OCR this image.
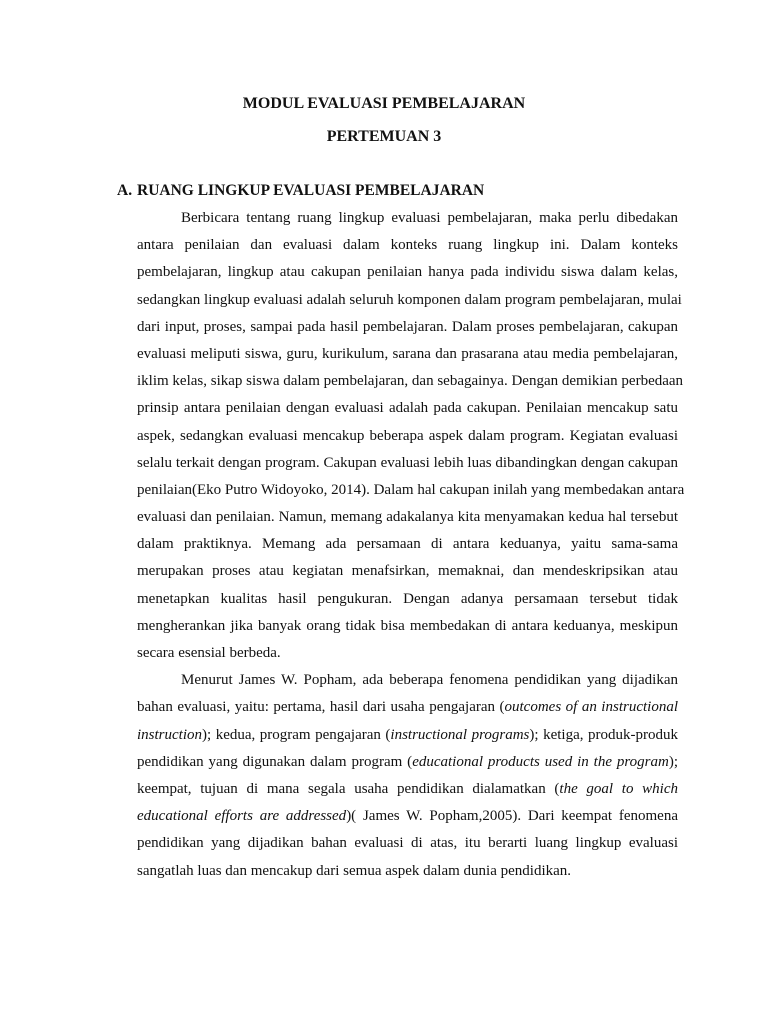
MODUL EVALUASI PEMBELAJARAN
PERTEMUAN 3
A. RUANG LINGKUP EVALUASI PEMBELAJARAN
Berbicara tentang ruang lingkup evaluasi pembelajaran, maka perlu dibedakan
antara penilaian dan evaluasi dalam konteks ruang lingkup ini. Dalam konteks
pembelajaran, lingkup atau cakupan penilaian hanya pada individu siswa dalam kelas,
sedangkan lingkup evaluasi adalah seluruh komponen dalam program pembelajaran, mulai
dari input, proses, sampai pada hasil pembelajaran. Dalam proses pembelajaran, cakupan
evaluasi meliputi siswa, guru, kurikulum, sarana dan prasarana atau media pembelajaran,
iklim kelas, sikap siswa dalam pembelajaran, dan sebagainya. Dengan demikian perbedaan
prinsip antara penilaian dengan evaluasi adalah pada cakupan. Penilaian mencakup satu
aspek, sedangkan evaluasi mencakup beberapa aspek dalam program. Kegiatan evaluasi
selalu terkait dengan program. Cakupan evaluasi lebih luas dibandingkan dengan cakupan
penilaian(Eko Putro Widoyoko, 2014). Dalam hal cakupan inilah yang membedakan antara
evaluasi dan penilaian. Namun, memang adakalanya kita menyamakan kedua hal tersebut
dalam praktiknya. Memang ada persamaan di antara keduanya, yaitu sama-sama
merupakan proses atau kegiatan menafsirkan, memaknai, dan mendeskripsikan atau
menetapkan kualitas hasil pengukuran. Dengan adanya persamaan tersebut tidak
mengherankan jika banyak orang tidak bisa membedakan di antara keduanya, meskipun
secara esensial berbeda.
Menurut James W. Popham, ada beberapa fenomena pendidikan yang dijadikan
bahan evaluasi, yaitu: pertama, hasil dari usaha pengajaran (outcomes of an instructional
instruction); kedua, program pengajaran (instructional programs); ketiga, produk-produk
pendidikan yang digunakan dalam program (educational products used in the program);
keempat, tujuan di mana segala usaha pendidikan dialamatkan (the goal to which
educational efforts are addressed)( James W. Popham,2005). Dari keempat fenomena
pendidikan yang dijadikan bahan evaluasi di atas, itu berarti luang lingkup evaluasi
sangatlah luas dan mencakup dari semua aspek dalam dunia pendidikan.
